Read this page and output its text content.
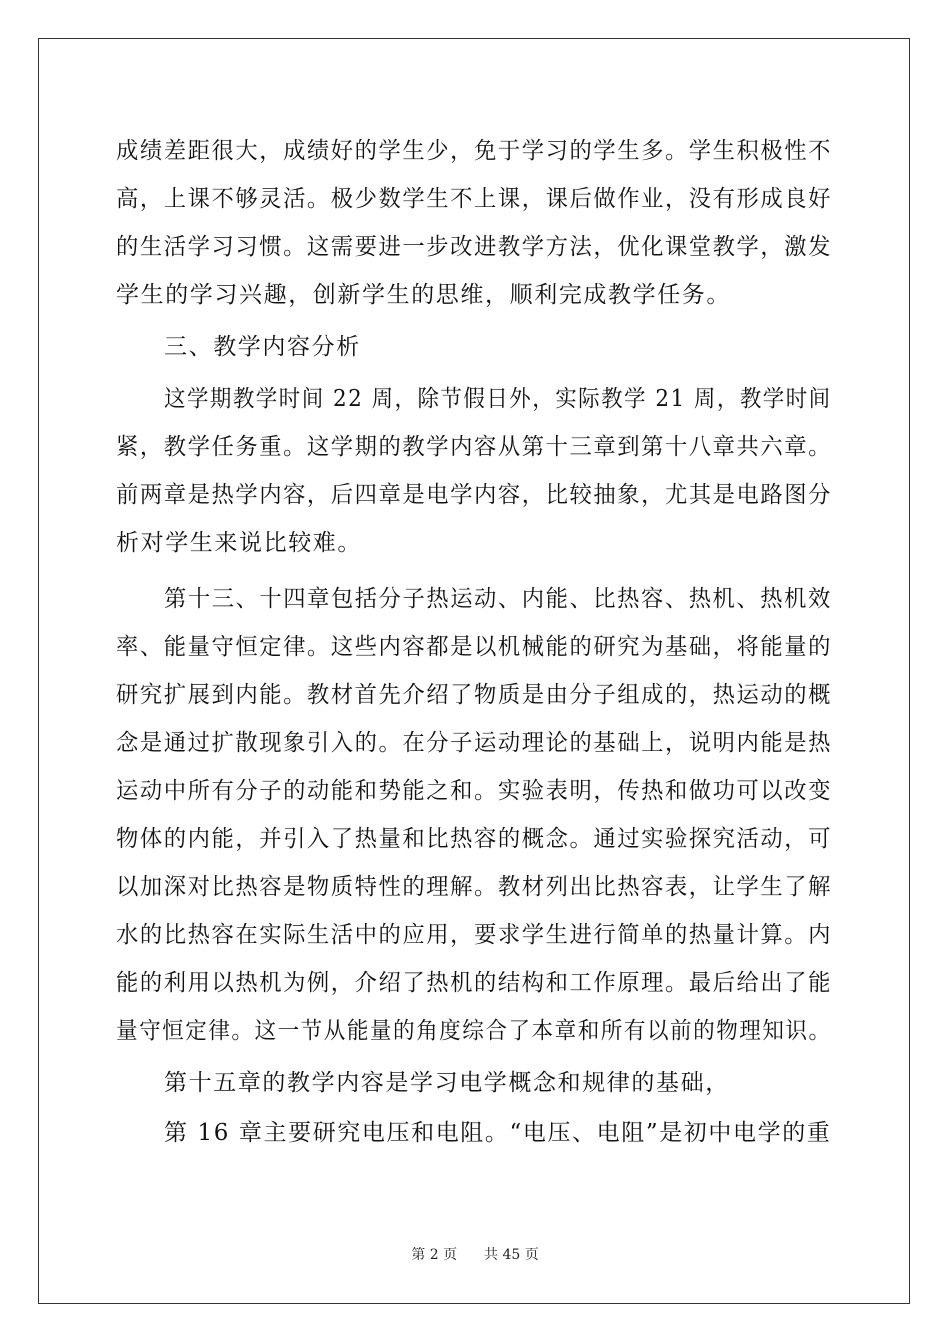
成绩差距很大，成绩好的学生少，免于学习的学生多。学生积极性不
高，上课不够灵活。极少数学生不上课，课后做作业，没有形成良好
的生活学习习惯。这需要进一步改进教学方法，优化课堂教学，激发
学生的学习兴趣，创新学生的思维，顺利完成教学任务。
三、教学内容分析
这学期教学时间 22 周，除节假日外，实际教学 21 周，教学时间
紧，教学任务重。这学期的教学内容从第十三章到第十八章共六章。
前两章是热学内容，后四章是电学内容，比较抽象，尤其是电路图分
析对学生来说比较难。
第十三、十四章包括分子热运动、内能、比热容、热机、热机效
率、能量守恒定律。这些内容都是以机械能的研究为基础，将能量的
研究扩展到内能。教材首先介绍了物质是由分子组成的，热运动的概
念是通过扩散现象引入的。在分子运动理论的基础上，说明内能是热
运动中所有分子的动能和势能之和。实验表明，传热和做功可以改变
物体的内能，并引入了热量和比热容的概念。通过实验探究活动，可
以加深对比热容是物质特性的理解。教材列出比热容表，让学生了解
水的比热容在实际生活中的应用，要求学生进行简单的热量计算。内
能的利用以热机为例，介绍了热机的结构和工作原理。最后给出了能
量守恒定律。这一节从能量的角度综合了本章和所有以前的物理知识。
第十五章的教学内容是学习电学概念和规律的基础，
第 16 章主要研究电压和电阻。“电压、电阻”是初中电学的重
第 2 页 共 45 页
